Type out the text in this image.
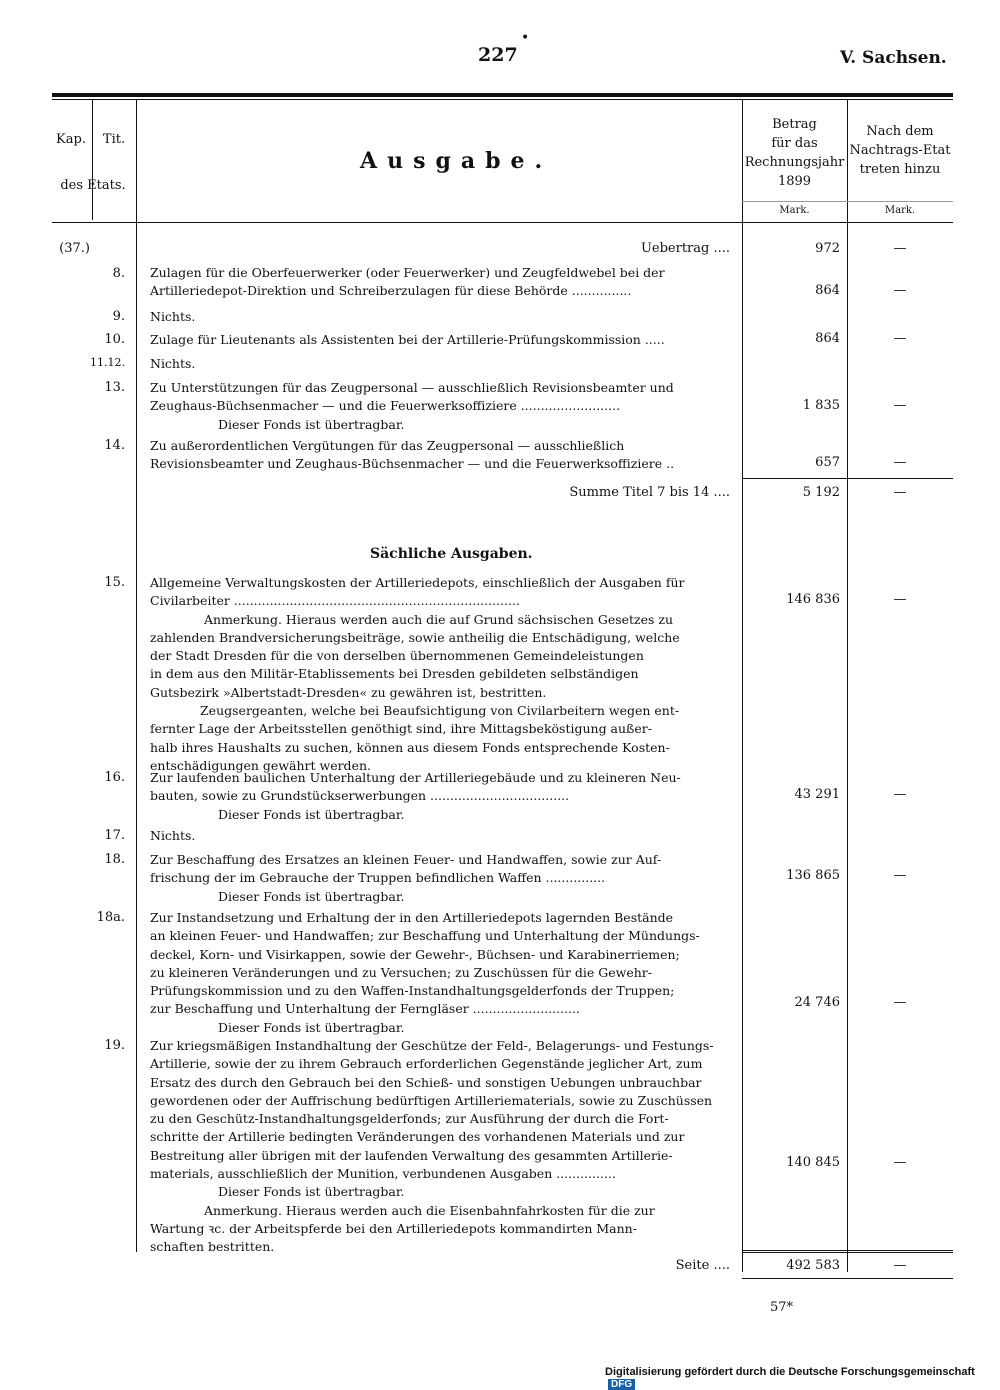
227
•
V. Sachsen.
Kap.	Tit.
des Etats.
Ausgabe.
Betrag
für das
Rechnungsjahr
1899
Nach dem
Nachtrags-Etat
treten hinzu
Mark.	Mark.
(37.)	Uebertrag ....	972	—
8. Zulagen für die Oberfeuerwerker (oder Feuerwerker) und Zeugfeldwebel bei der
Artilleriedepot-Direktion und Schreiberzulagen für diese Behörde ...............	864	—
9. Nichts.
10. Zulage für Lieutenants als Assistenten bei der Artillerie-Prüfungskommission .....	864	—
11.12. Nichts.
13. Zu Unterstützungen für das Zeugpersonal — ausschließlich Revisionsbeamter und
Zeughaus-Büchsenmacher — und die Feuerwerksoffiziere .........................
Dieser Fonds ist übertragbar.
1 835	—
14. Zu außerordentlichen Vergütungen für das Zeugpersonal — ausschließlich
Revisionsbeamter und Zeughaus-Büchsenmacher — und die Feuerwerksoffiziere ..	657	—
Summe Titel 7 bis 14 ....	5 192	—
Sächliche Ausgaben.
15. Allgemeine Verwaltungskosten der Artilleriedepots, einschließlich der Ausgaben für
Civilarbeiter ........................................................................
Anmerkung. Hieraus werden auch die auf Grund sächsischen Gesetzes zu
zahlenden Brandversicherungsbeiträge, sowie antheilig die Entschädigung, welche
der Stadt Dresden für die von derselben übernommenen Gemeindeleistungen
in dem aus den Militär-Etablissements bei Dresden gebildeten selbständigen
Gutsbezirk »Albertstadt-Dresden« zu gewähren ist, bestritten.
Zeugsergeanten, welche bei Beaufsichtigung von Civilarbeitern wegen ent-
fernter Lage der Arbeitsstellen genöthigt sind, ihre Mittagsbeköstigung außer-
halb ihres Haushalts zu suchen, können aus diesem Fonds entsprechende Kosten-
entschädigungen gewährt werden.
146 836	—
16. Zur laufenden baulichen Unterhaltung der Artilleriegebäude und zu kleineren Neu-
bauten, sowie zu Grundstückserwerbungen ...................................
Dieser Fonds ist übertragbar.
43 291	—
17. Nichts.
18. Zur Beschaffung des Ersatzes an kleinen Feuer- und Handwaffen, sowie zur Auf-
frischung der im Gebrauche der Truppen befindlichen Waffen ...............
Dieser Fonds ist übertragbar.
136 865	—
18a. Zur Instandsetzung und Erhaltung der in den Artilleriedepots lagernden Bestände
an kleinen Feuer- und Handwaffen; zur Beschaffung und Unterhaltung der Mündungs-
deckel, Korn- und Visirkappen, sowie der Gewehr-, Büchsen- und Karabinerriemen;
zu kleineren Veränderungen und zu Versuchen; zu Zuschüssen für die Gewehr-
Prüfungskommission und zu den Waffen-Instandhaltungsgelderfonds der Truppen;
zur Beschaffung und Unterhaltung der Ferngläser ...........................
Dieser Fonds ist übertragbar.
24 746	—
19. Zur kriegsmäßigen Instandhaltung der Geschütze der Feld-, Belagerungs- und Festungs-
Artillerie, sowie der zu ihrem Gebrauch erforderlichen Gegenstände jeglicher Art, zum
Ersatz des durch den Gebrauch bei den Schieß- und sonstigen Uebungen unbrauchbar
gewordenen oder der Auffrischung bedürftigen Artilleriematerials, sowie zu Zuschüssen
zu den Geschütz-Instandhaltungsgelderfonds; zur Ausführung der durch die Fort-
schritte der Artillerie bedingten Veränderungen des vorhandenen Materials und zur
Bestreitung aller übrigen mit der laufenden Verwaltung des gesammten Artillerie-
materials, ausschließlich der Munition, verbundenen Ausgaben ...............
Dieser Fonds ist übertragbar.
Anmerkung. Hieraus werden auch die Eisenbahnfahrkosten für die zur
Wartung ꝛc. der Arbeitspferde bei den Artilleriedepots kommandirten Mann-
schaften bestritten.
140 845	—
Seite ....	492 583	—
57*
Digitalisierung gefördert durch die Deutsche Forschungsgemeinschaft DFG
